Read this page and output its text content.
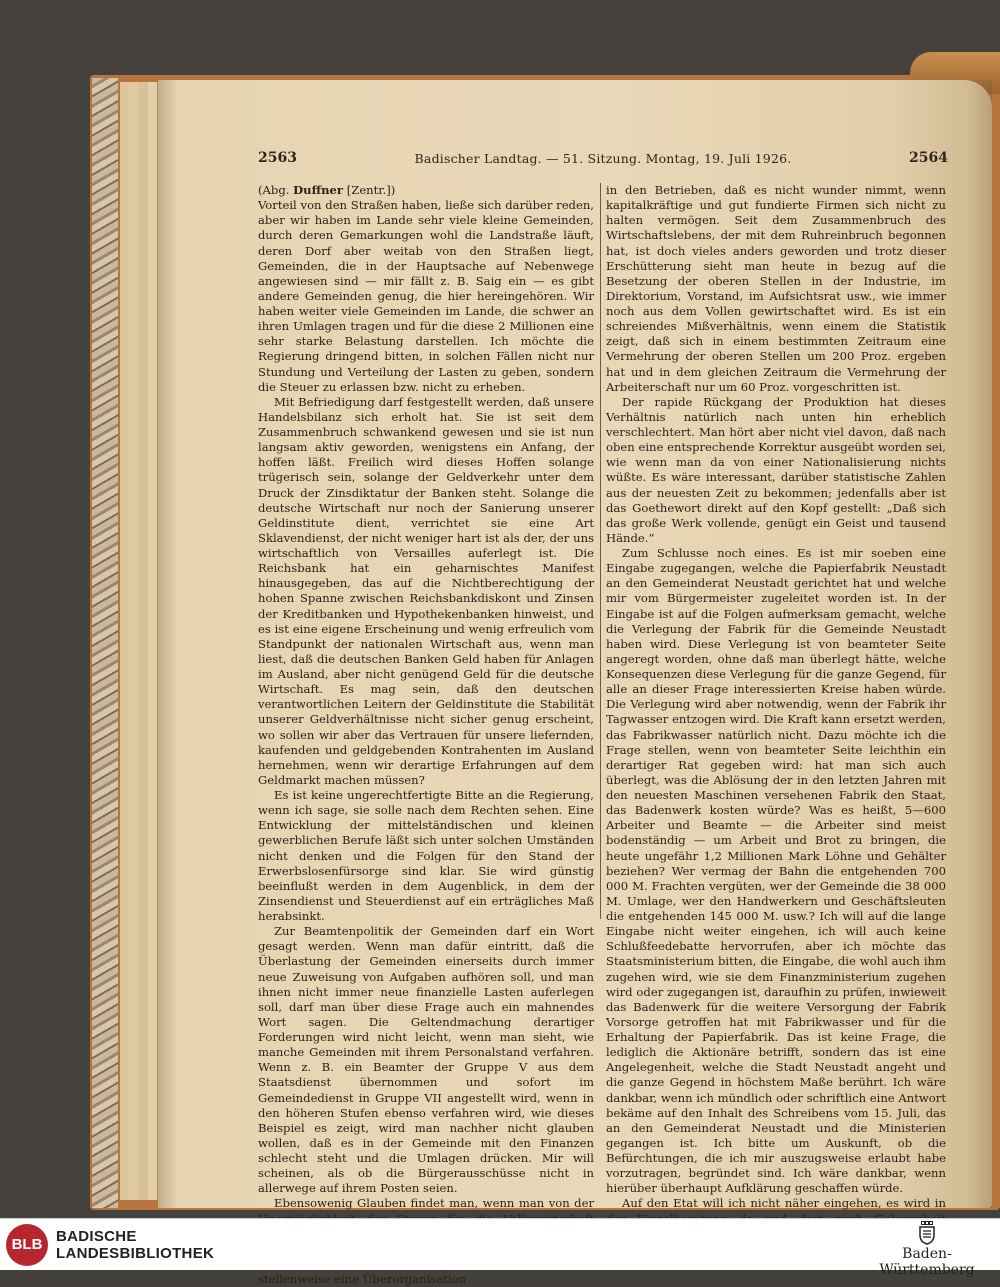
2563	Badischer Landtag. — 51. Sitzung. Montag, 19. Juli 1926.	2564

(Abg. Duffner [Zentr.])

Vorteil von den Straßen haben, ließe sich darüber reden, aber wir haben im Lande sehr viele kleine Gemeinden, durch deren Gemarkungen wohl die Landstraße läuft, deren Dorf aber weitab von den Straßen liegt, Gemeinden, die in der Hauptsache auf Nebenwege angewiesen sind — mir fällt z. B. Saig ein — es gibt andere Gemeinden genug, die hier hereingehören. Wir haben weiter viele Gemeinden im Lande, die schwer an ihren Umlagen tragen und für die diese 2 Millionen eine sehr starke Belastung darstellen. Ich möchte die Regierung dringend bitten, in solchen Fällen nicht nur Stundung und Verteilung der Lasten zu geben, sondern die Steuer zu erlassen bzw. nicht zu erheben.

Mit Befriedigung darf festgestellt werden, daß unsere Handelsbilanz sich erholt hat. Sie ist seit dem Zusammenbruch schwankend gewesen und sie ist nun langsam aktiv geworden, wenigstens ein Anfang, der hoffen läßt. Freilich wird dieses Hoffen solange trügerisch sein, solange der Geldverkehr unter dem Druck der Zinsdiktatur der Banken steht. Solange die deutsche Wirtschaft nur noch der Sanierung unserer Geldinstitute dient, verrichtet sie eine Art Sklavendienst, der nicht weniger hart ist als der, der uns wirtschaftlich von Versailles auferlegt ist. Die Reichsbank hat ein geharnischtes Manifest hinausgegeben, das auf die Nichtberechtigung der hohen Spanne zwischen Reichsbankdiskont und Zinsen der Kreditbanken und Hypothekenbanken hinweist, und es ist eine eigene Erscheinung und wenig erfreulich vom Standpunkt der nationalen Wirtschaft aus, wenn man liest, daß die deutschen Banken Geld haben für Anlagen im Ausland, aber nicht genügend Geld für die deutsche Wirtschaft. Es mag sein, daß den deutschen verantwortlichen Leitern der Geldinstitute die Stabilität unserer Geldverhältnisse nicht sicher genug erscheint, wo sollen wir aber das Vertrauen für unsere liefernden, kaufenden und geldgebenden Kontrahenten im Ausland hernehmen, wenn wir derartige Erfahrungen auf dem Geldmarkt machen müssen?

Es ist keine ungerechtfertigte Bitte an die Regierung, wenn ich sage, sie solle nach dem Rechten sehen. Eine Entwicklung der mittelständischen und kleinen gewerblichen Berufe läßt sich unter solchen Umständen nicht denken und die Folgen für den Stand der Erwerbslosenfürsorge sind klar. Sie wird günstig beeinflußt werden in dem Augenblick, in dem der Zinsendienst und Steuerdienst auf ein erträgliches Maß herabsinkt.

Zur Beamtenpolitik der Gemeinden darf ein Wort gesagt werden. Wenn man dafür eintritt, daß die Überlastung der Gemeinden einerseits durch immer neue Zuweisung von Aufgaben aufhören soll, und man ihnen nicht immer neue finanzielle Lasten auferlegen soll, darf man über diese Frage auch ein mahnendes Wort sagen. Die Geltendmachung derartiger Forderungen wird nicht leicht, wenn man sieht, wie manche Gemeinden mit ihrem Personalstand verfahren. Wenn z. B. ein Beamter der Gruppe V aus dem Staatsdienst übernommen und sofort im Gemeindedienst in Gruppe VII angestellt wird, wenn in den höheren Stufen ebenso verfahren wird, wie dieses Beispiel es zeigt, wird man nachher nicht glauben wollen, daß es in der Gemeinde mit den Finanzen schlecht steht und die Umlagen drücken. Mir will scheinen, als ob die Bürgerausschüsse nicht in allerwege auf ihrem Posten seien.

Ebensowenig Glauben findet man, wenn man von der stellenweise eine Überorganisation

in den Betrieben, daß es nicht wunder nimmt, wenn kapitalkräftige und gut fundierte Firmen sich nicht zu halten vermögen. Seit dem Zusammenbruch des Wirtschaftslebens, der mit dem Ruhreinbruch begonnen hat, ist doch vieles anders geworden und trotz dieser Erschütterung sieht man heute in bezug auf die Besetzung der oberen Stellen in der Industrie, im Direktorium, Vorstand, im Aufsichtsrat usw., wie immer noch aus dem Vollen gewirtschaftet wird. Es ist ein schreiendes Mißverhältnis, wenn einem die Statistik zeigt, daß sich in einem bestimmten Zeitraum eine Vermehrung der oberen Stellen um 200 Proz. ergeben hat und in dem gleichen Zeitraum die Vermehrung der Arbeiterschaft nur um 60 Proz. vorgeschritten ist.

Der rapide Rückgang der Produktion hat dieses Verhältnis natürlich nach unten hin erheblich verschlechtert. Man hört aber nicht viel davon, daß nach oben eine entsprechende Korrektur ausgeübt worden sei, wie wenn man da von einer Nationalisierung nichts wüßte. Es wäre interessant, darüber statistische Zahlen aus der neuesten Zeit zu bekommen; jedenfalls aber ist das Goethewort direkt auf den Kopf gestellt: „Daß sich das große Werk vollende, genügt ein Geist und tausend Hände.“

Zum Schlusse noch eines. Es ist mir soeben eine Eingabe zugegangen, welche die Papierfabrik Neustadt an den Gemeinderat Neustadt gerichtet hat und welche mir vom Bürgermeister zugeleitet worden ist. In der Eingabe ist auf die Folgen aufmerksam gemacht, welche die Verlegung der Fabrik für die Gemeinde Neustadt haben wird. Diese Verlegung ist von beamteter Seite angeregt worden, ohne daß man überlegt hätte, welche Konsequenzen diese Verlegung für die ganze Gegend, für alle an dieser Frage interessierten Kreise haben würde. Die Verlegung wird aber notwendig, wenn der Fabrik ihr Tagwasser entzogen wird. Die Kraft kann ersetzt werden, das Fabrikwasser natürlich nicht. Dazu möchte ich die Frage stellen, wenn von beamteter Seite leichthin ein derartiger Rat gegeben wird: hat man sich auch überlegt, was die Ablösung der in den letzten Jahren mit den neuesten Maschinen versehenen Fabrik den Staat, das Badenwerk kosten würde? Was es heißt, 5—600 Arbeiter und Beamte — die Arbeiter sind meist bodenständig — um Arbeit und Brot zu bringen, die heute ungefähr 1,2 Millionen Mark Löhne und Gehälter beziehen? Wer vermag der Bahn die entgehenden 700 000 M. Frachten vergüten, wer der Gemeinde die 38 000 M. Umlage, wer den Handwerkern und Geschäftsleuten die entgehenden 145 000 M. usw.? Ich will auf die lange Eingabe nicht weiter eingehen, ich will auch keine Schlußfeedebatte hervorrufen, aber ich möchte das Staatsministerium bitten, die Eingabe, die wohl auch ihm zugehen wird, wie sie dem Finanzministerium zugehen wird oder zugegangen ist, daraufhin zu prüfen, inwieweit das Badenwerk für die weitere Versorgung der Fabrik Vorsorge getroffen hat mit Fabrikwasser und für die Erhaltung der Papierfabrik. Das ist keine Frage, die lediglich die Aktionäre betrifft, sondern das ist eine Angelegenheit, welche die Stadt Neustadt angeht und die ganze Gegend in höchstem Maße berührt. Ich wäre dankbar, wenn ich mündlich oder schriftlich eine Antwort bekäme auf den Inhalt des Schreibens vom 15. Juli, das an den Gemeinderat Neustadt und die Ministerien gegangen ist. Ich bitte um Auskunft, ob die Befürchtungen, die ich mir auszugsweise erlaubt habe vorzutragen, begründet sind. Ich wäre dankbar, wenn hierüber überhaupt Aufklärung geschaffen würde.

Auf den Etat will ich nicht näher eingehen, es wird in

BLB BADISCHE
LANDESBIBLIOTHEK	Baden-Württemberg
